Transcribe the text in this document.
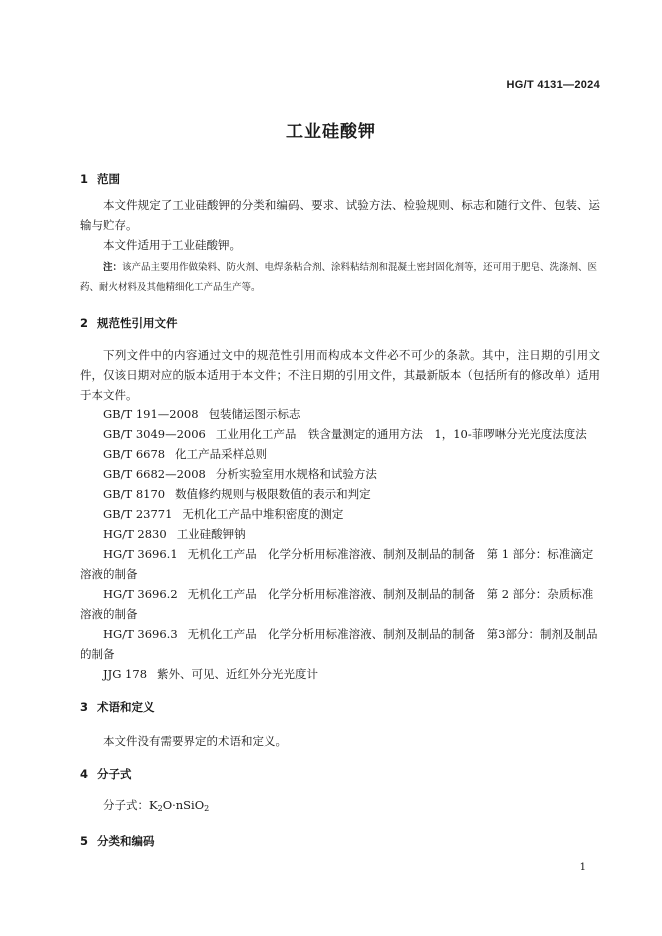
HG/T 4131—2024
工业硅酸钾
1 范围

本文件规定了工业硅酸钾的分类和编码、要求、试验方法、检验规则、标志和随行文件、包装、运输与贮存。

本文件适用于工业硅酸钾。

注：该产品主要用作做染料、防火剂、电焊条粘合剂、涂料粘结剂和混凝土密封固化剂等，还可用于肥皂、洗涤剂、医药、耐火材料及其他精细化工产品生产等。

2 规范性引用文件

下列文件中的内容通过文中的规范性引用而构成本文件必不可少的条款。其中，注日期的引用文件，仅该日期对应的版本适用于本文件；不注日期的引用文件，其最新版本（包括所有的修改单）适用于本文件。

GB/T 191—2008 包装储运图示标志

GB/T 3049—2006 工业用化工产品　铁含量测定的通用方法　1，10-菲啰啉分光光度法度法

GB/T 6678 化工产品采样总则

GB/T 6682—2008 分析实验室用水规格和试验方法

GB/T 8170 数值修约规则与极限数值的表示和判定

GB/T 23771 无机化工产品中堆积密度的测定

HG/T 2830 工业硅酸钾钠

HG/T 3696.1 无机化工产品　化学分析用标准溶液、制剂及制品的制备　第 1 部分：标准滴定溶液的制备

HG/T 3696.2 无机化工产品　化学分析用标准溶液、制剂及制品的制备　第 2 部分：杂质标准溶液的制备

HG/T 3696.3 无机化工产品　化学分析用标准溶液、制剂及制品的制备　第3部分：制剂及制品的制备

JJG 178 紫外、可见、近红外分光光度计

3 术语和定义

本文件没有需要界定的术语和定义。

4 分子式

分子式：$K_2O\cdot nSiO_2$

5 分类和编码
1
